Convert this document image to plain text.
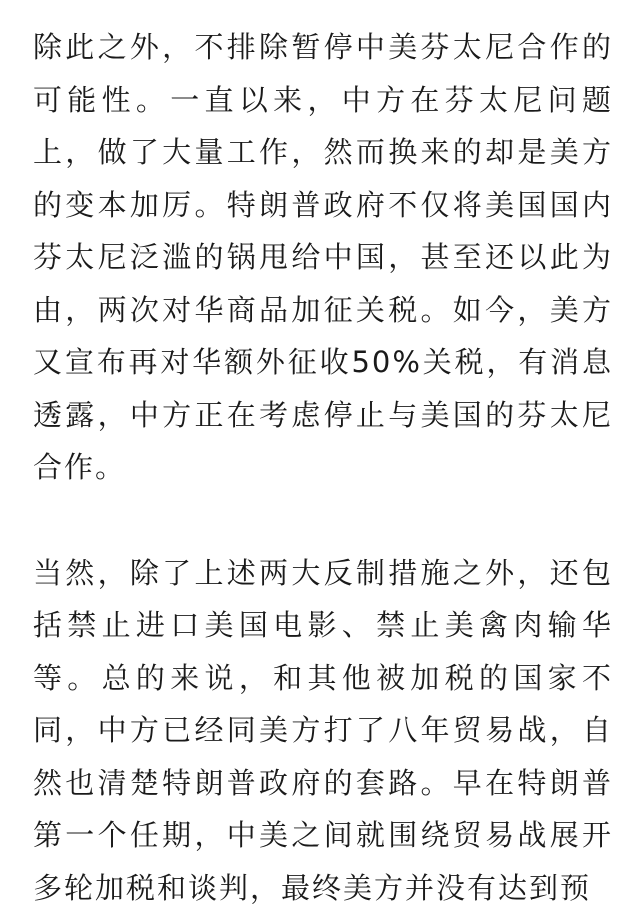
除此之外，不排除暂停中美芬太尼合作的可能性。一直以来，中方在芬太尼问题上，做了大量工作，然而换来的却是美方的变本加厉。特朗普政府不仅将美国国内芬太尼泛滥的锅甩给中国，甚至还以此为由，两次对华商品加征关税。如今，美方又宣布再对华额外征收50%关税，有消息透露，中方正在考虑停止与美国的芬太尼合作。

当然，除了上述两大反制措施之外，还包括禁止进口美国电影、禁止美禽肉输华等。总的来说，和其他被加税的国家不同，中方已经同美方打了八年贸易战，自然也清楚特朗普政府的套路。早在特朗普第一个任期，中美之间就围绕贸易战展开多轮加税和谈判，最终美方并没有达到预
